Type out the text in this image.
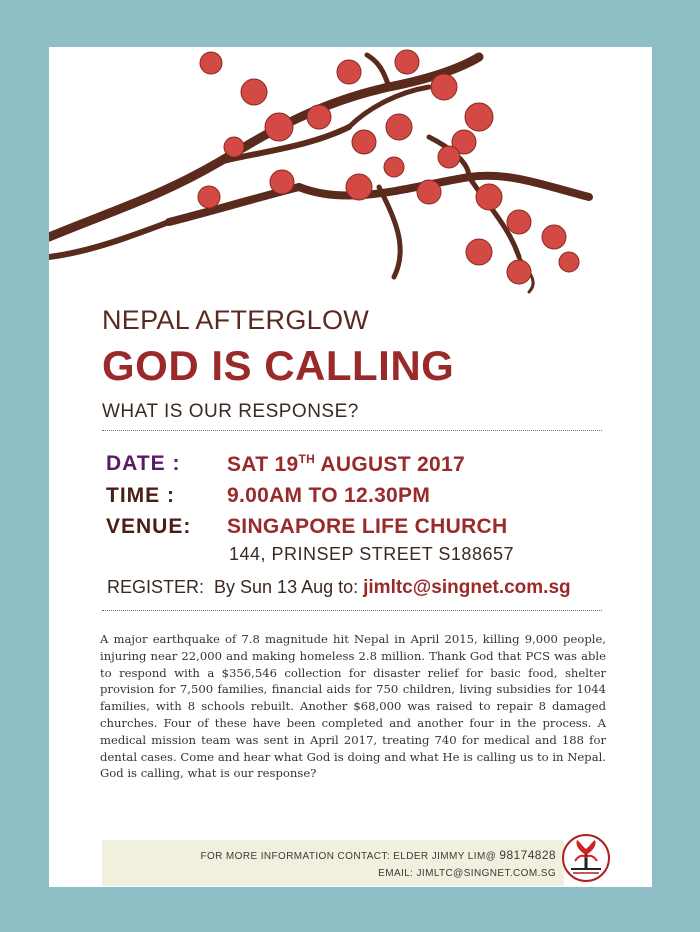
NEPAL AFTERGLOW
GOD IS CALLING
WHAT IS OUR RESPONSE?
DATE : SAT 19TH AUGUST 2017
TIME : 9.00AM TO 12.30PM
VENUE: SINGAPORE LIFE CHURCH
144, PRINSEP STREET S188657
REGISTER:  By Sun 13 Aug to: jimltc@singnet.com.sg
A major earthquake of 7.8 magnitude hit Nepal in April 2015, killing 9,000 people, injuring near 22,000 and making homeless 2.8 million. Thank God that PCS was able to respond with a $356,546 collection for disaster relief for basic food, shelter provision for 7,500 families, financial aids for 750 children, living subsidies for 1044 families, with 8 schools rebuilt. Another $68,000 was raised to repair 8 damaged churches. Four of these have been completed and another four in the process. A medical mission team was sent in April 2017, treating 740 for medical and 188 for dental cases. Come and hear what God is doing and what He is calling us to in Nepal. God is calling, what is our response?
FOR MORE INFORMATION CONTACT: ELDER JIMMY LIM@ 98174828
EMAIL: JIMLTC@SINGNET.COM.SG
